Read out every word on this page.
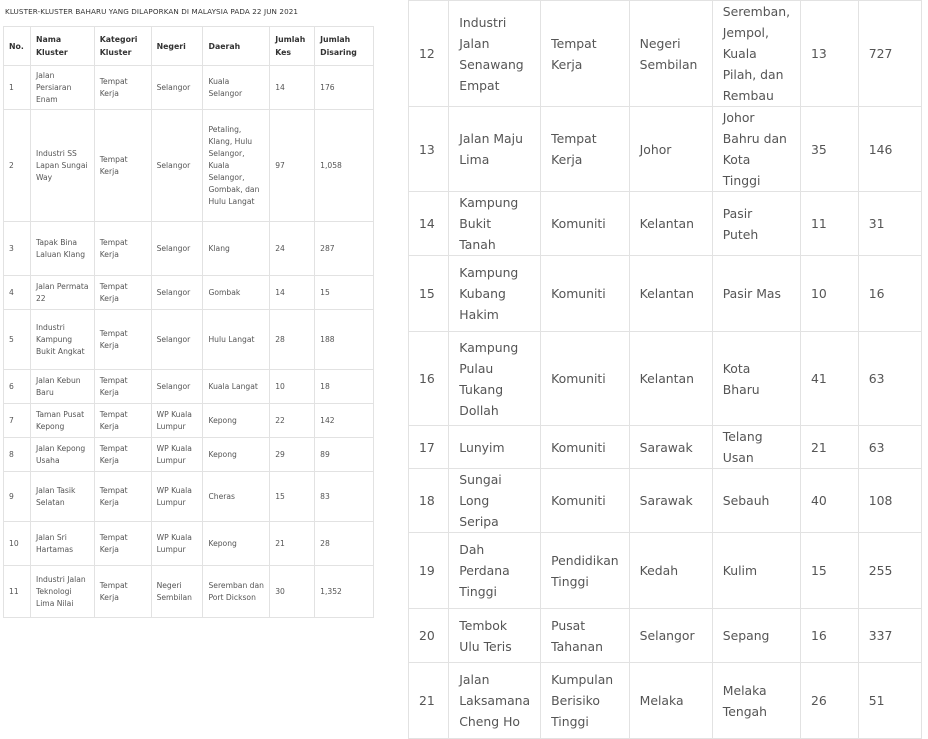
KLUSTER-KLUSTER BAHARU YANG DILAPORKAN DI MALAYSIA PADA 22 JUN 2021
No.	Nama Kluster	Kategori Kluster	Negeri	Daerah	Jumlah Kes	Jumlah Disaring
1	Jalan Persiaran Enam	Tempat Kerja	Selangor	Kuala Selangor	14	176
2	Industri SS Lapan Sungai Way	Tempat Kerja	Selangor	Petaling, Klang, Hulu Selangor, Kuala Selangor, Gombak, dan Hulu Langat	97	1,058
3	Tapak Bina Laluan Klang	Tempat Kerja	Selangor	Klang	24	287
4	Jalan Permata 22	Tempat Kerja	Selangor	Gombak	14	15
5	Industri Kampung Bukit Angkat	Tempat Kerja	Selangor	Hulu Langat	28	188
6	Jalan Kebun Baru	Tempat Kerja	Selangor	Kuala Langat	10	18
7	Taman Pusat Kepong	Tempat Kerja	WP Kuala Lumpur	Kepong	22	142
8	Jalan Kepong Usaha	Tempat Kerja	WP Kuala Lumpur	Kepong	29	89
9	Jalan Tasik Selatan	Tempat Kerja	WP Kuala Lumpur	Cheras	15	83
10	Jalan Sri Hartamas	Tempat Kerja	WP Kuala Lumpur	Kepong	21	28
11	Industri Jalan Teknologi Lima Nilai	Tempat Kerja	Negeri Sembilan	Seremban dan Port Dickson	30	1,352
12	Industri Jalan Senawang Empat	Tempat Kerja	Negeri Sembilan	Seremban, Jempol, Kuala Pilah, dan Rembau	13	727
13	Jalan Maju Lima	Tempat Kerja	Johor	Johor Bahru dan Kota Tinggi	35	146
14	Kampung Bukit Tanah	Komuniti	Kelantan	Pasir Puteh	11	31
15	Kampung Kubang Hakim	Komuniti	Kelantan	Pasir Mas	10	16
16	Kampung Pulau Tukang Dollah	Komuniti	Kelantan	Kota Bharu	41	63
17	Lunyim	Komuniti	Sarawak	Telang Usan	21	63
18	Sungai Long Seripa	Komuniti	Sarawak	Sebauh	40	108
19	Dah Perdana Tinggi	Pendidikan Tinggi	Kedah	Kulim	15	255
20	Tembok Ulu Teris	Pusat Tahanan	Selangor	Sepang	16	337
21	Jalan Laksamana Cheng Ho	Kumpulan Berisiko Tinggi	Melaka	Melaka Tengah	26	51
